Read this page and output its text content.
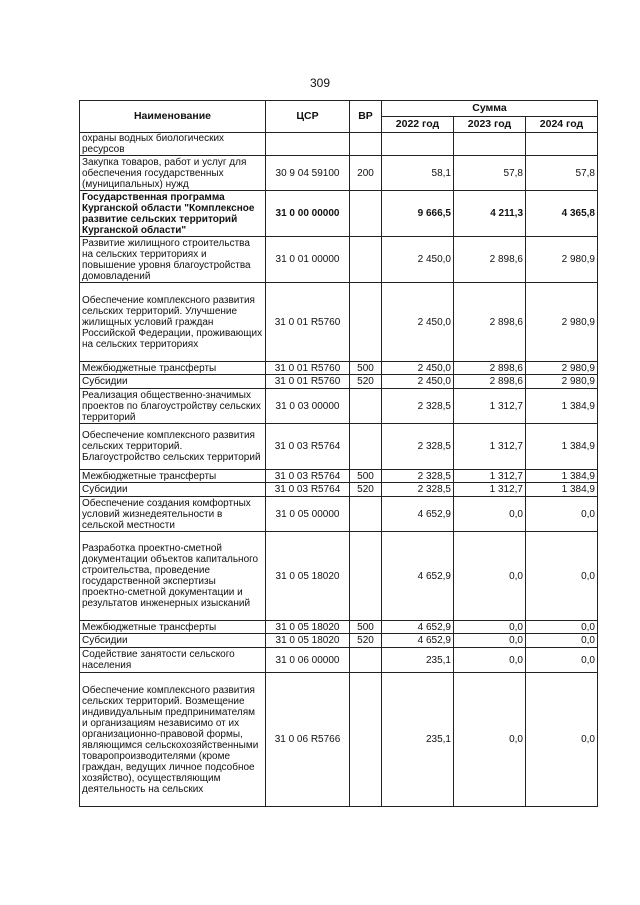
309
Наименование	ЦСР	ВР	Сумма		
			2022 год	2023 год	2024 год
охраны водных биологических ресурсов					
Закупка товаров, работ и услуг для обеспечения государственных (муниципальных) нужд	30 9 04 59100	200	58,1	57,8	57,8
Государственная программа Курганской области "Комплексное развитие сельских территорий Курганской области"	31 0 00 00000		9 666,5	4 211,3	4 365,8
Развитие жилищного строительства на сельских территориях и повышение уровня благоустройства домовладений	31 0 01 00000		2 450,0	2 898,6	2 980,9
Обеспечение комплексного развития сельских территорий. Улучшение жилищных условий граждан Российской Федерации, проживающих на сельских территориях	31 0 01 R5760		2 450,0	2 898,6	2 980,9
Межбюджетные трансферты	31 0 01 R5760	500	2 450,0	2 898,6	2 980,9
Субсидии	31 0 01 R5760	520	2 450,0	2 898,6	2 980,9
Реализация общественно-значимых проектов по благоустройству сельских территорий	31 0 03 00000		2 328,5	1 312,7	1 384,9
Обеспечение комплексного развития сельских территорий. Благоустройство сельских территорий	31 0 03 R5764		2 328,5	1 312,7	1 384,9
Межбюджетные трансферты	31 0 03 R5764	500	2 328,5	1 312,7	1 384,9
Субсидии	31 0 03 R5764	520	2 328,5	1 312,7	1 384,9
Обеспечение создания комфортных условий жизнедеятельности в сельской местности	31 0 05 00000		4 652,9	0,0	0,0
Разработка проектно-сметной документации объектов капитального строительства, проведение государственной экспертизы проектно-сметной документации и результатов инженерных изысканий	31 0 05 18020		4 652,9	0,0	0,0
Межбюджетные трансферты	31 0 05 18020	500	4 652,9	0,0	0,0
Субсидии	31 0 05 18020	520	4 652,9	0,0	0,0
Содействие занятости сельского населения	31 0 06 00000		235,1	0,0	0,0
Обеспечение комплексного развития сельских территорий. Возмещение индивидуальным предпринимателям и организациям независимо от их организационно-правовой формы, являющимся сельскохозяйственными товаропроизводителями (кроме граждан, ведущих личное подсобное хозяйство), осуществляющим деятельность на сельских	31 0 06 R5766		235,1	0,0	0,0
